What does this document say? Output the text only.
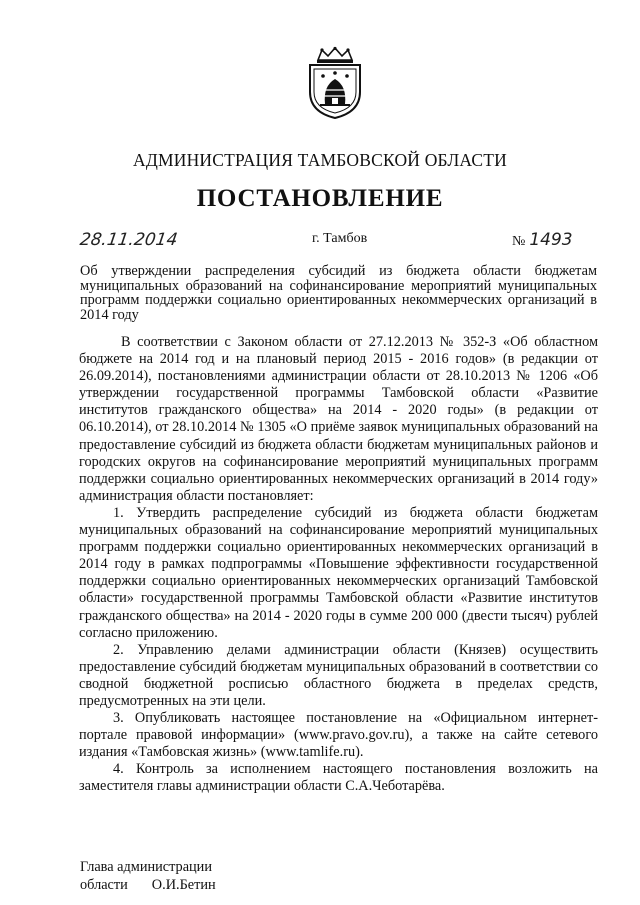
АДМИНИСТРАЦИЯ ТАМБОВСКОЙ ОБЛАСТИ
ПОСТАНОВЛЕНИЕ
28.11.2014	г. Тамбов	№ 1493
Об утверждении распределения субсидий из бюджета области бюджетам муниципальных образований на софинансирование мероприятий муниципальных программ поддержки социально ориентированных некоммерческих организаций в 2014 году

В соответствии с Законом области от 27.12.2013 № 352-З «Об областном бюджете на 2014 год и на плановый период 2015 - 2016 годов» (в редакции от 26.09.2014), постановлениями администрации области от 28.10.2013 № 1206 «Об утверждении государственной программы Тамбовской области «Развитие институтов гражданского общества» на 2014 - 2020 годы» (в редакции от 06.10.2014), от 28.10.2014 № 1305 «О приёме заявок муниципальных образований на предоставление субсидий из бюджета области бюджетам муниципальных районов и городских округов на софинансирование мероприятий муниципальных программ поддержки социально ориентированных некоммерческих организаций в 2014 году» администрация области постановляет:

1. Утвердить распределение субсидий из бюджета области бюджетам муниципальных образований на софинансирование мероприятий муниципальных программ поддержки социально ориентированных некоммерческих организаций в 2014 году в рамках подпрограммы «Повышение эффективности государственной поддержки социально ориентированных некоммерческих организаций Тамбовской области» государственной программы Тамбовской области «Развитие институтов гражданского общества» на 2014 - 2020 годы в сумме 200 000 (двести тысяч) рублей согласно приложению.

2. Управлению делами администрации области (Князев) осуществить предоставление субсидий бюджетам муниципальных образований в соответствии со сводной бюджетной росписью областного бюджета в пределах средств, предусмотренных на эти цели.

3. Опубликовать настоящее постановление на «Официальном интернет-портале правовой информации» (www.pravo.gov.ru), а также на сайте сетевого издания «Тамбовская жизнь» (www.tamlife.ru).

4. Контроль за исполнением настоящего постановления возложить на заместителя главы администрации области С.А.Чеботарёва.

Глава администрации
области О.И.Бетин
